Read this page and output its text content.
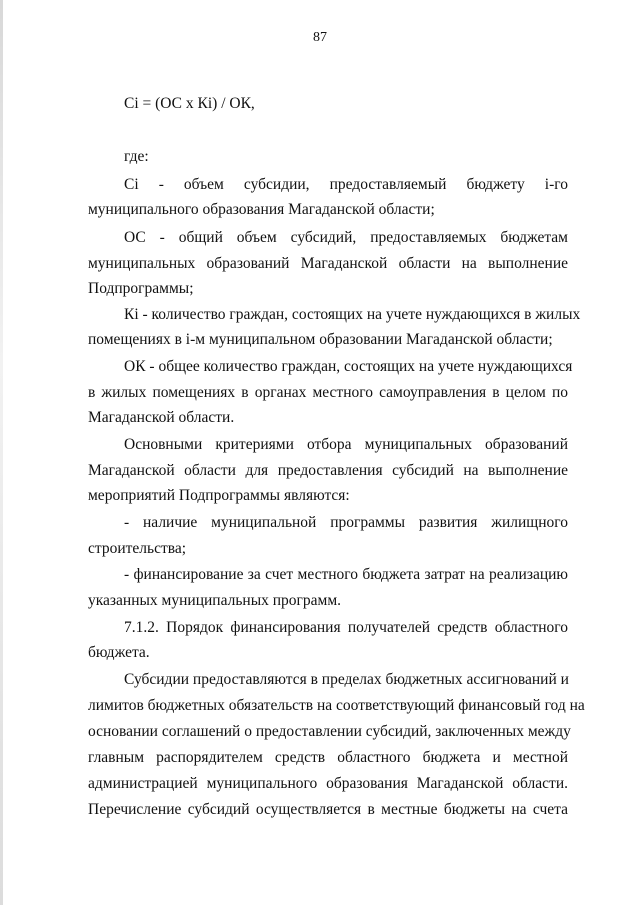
87
Ci = (ОС х Кi) / ОК,
где:
Ci - объем субсидии, предоставляемый бюджету i-го
муниципального образования Магаданской области;
ОС - общий объем субсидий, предоставляемых бюджетам
муниципальных образований Магаданской области на выполнение
Подпрограммы;
Кi - количество граждан, состоящих на учете нуждающихся в жилых
помещениях в i-м муниципальном образовании Магаданской области;
ОК - общее количество граждан, состоящих на учете нуждающихся
в жилых помещениях в органах местного самоуправления в целом по
Магаданской области.
Основными критериями отбора муниципальных образований
Магаданской области для предоставления субсидий на выполнение
мероприятий Подпрограммы являются:
- наличие муниципальной программы развития жилищного
строительства;
- финансирование за счет местного бюджета затрат на реализацию
указанных муниципальных программ.
7.1.2. Порядок финансирования получателей средств областного
бюджета.
Субсидии предоставляются в пределах бюджетных ассигнований и
лимитов бюджетных обязательств на соответствующий финансовый год на
основании соглашений о предоставлении субсидий, заключенных между
главным распорядителем средств областного бюджета и местной
администрацией муниципального образования Магаданской области.
Перечисление субсидий осуществляется в местные бюджеты на счета
